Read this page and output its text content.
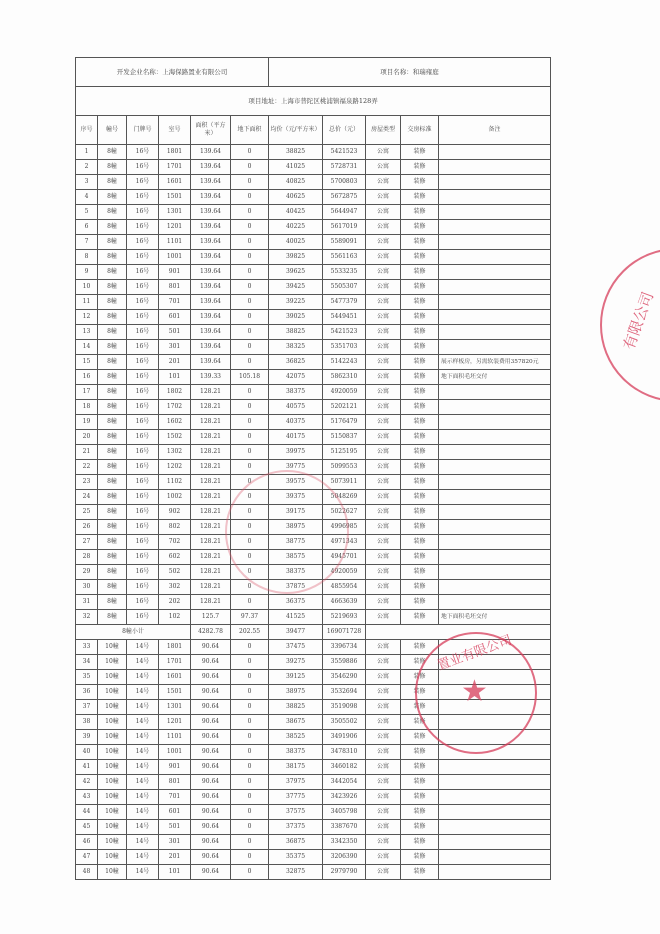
开发企业名称：上海保路置业有限公司						项目名称：和瑞雍庭				
项目地址：上海市普陀区桃浦镇福泉路128弄										
序号	幢号	门牌号	室号	面积（平方米）	地下面积	均价（元/平方米）	总价（元）	房屋类型	交房标准	备注
1	8幢	16号	1801	139.64	0	38825	5421523	公寓	装修	
2	8幢	16号	1701	139.64	0	41025	5728731	公寓	装修	
3	8幢	16号	1601	139.64	0	40825	5700803	公寓	装修	
4	8幢	16号	1501	139.64	0	40625	5672875	公寓	装修	
5	8幢	16号	1301	139.64	0	40425	5644947	公寓	装修	
6	8幢	16号	1201	139.64	0	40225	5617019	公寓	装修	
7	8幢	16号	1101	139.64	0	40025	5589091	公寓	装修	
8	8幢	16号	1001	139.64	0	39825	5561163	公寓	装修	
9	8幢	16号	901	139.64	0	39625	5533235	公寓	装修	
10	8幢	16号	801	139.64	0	39425	5505307	公寓	装修	
11	8幢	16号	701	139.64	0	39225	5477379	公寓	装修	
12	8幢	16号	601	139.64	0	39025	5449451	公寓	装修	
13	8幢	16号	501	139.64	0	38825	5421523	公寓	装修	
14	8幢	16号	301	139.64	0	38325	5351703	公寓	装修	
15	8幢	16号	201	139.64	0	36825	5142243	公寓	装修	展示样板房，另需软装费用357820元
16	8幢	16号	101	139.33	105.18	42075	5862310	公寓	装修	地下面积毛坯交付
17	8幢	16号	1802	128.21	0	38375	4920059	公寓	装修	
18	8幢	16号	1702	128.21	0	40575	5202121	公寓	装修	
19	8幢	16号	1602	128.21	0	40375	5176479	公寓	装修	
20	8幢	16号	1502	128.21	0	40175	5150837	公寓	装修	
21	8幢	16号	1302	128.21	0	39975	5125195	公寓	装修	
22	8幢	16号	1202	128.21	0	39775	5099553	公寓	装修	
23	8幢	16号	1102	128.21	0	39575	5073911	公寓	装修	
24	8幢	16号	1002	128.21	0	39375	5048269	公寓	装修	
25	8幢	16号	902	128.21	0	39175	5022627	公寓	装修	
26	8幢	16号	802	128.21	0	38975	4996985	公寓	装修	
27	8幢	16号	702	128.21	0	38775	4971343	公寓	装修	
28	8幢	16号	602	128.21	0	38575	4945701	公寓	装修	
29	8幢	16号	502	128.21	0	38375	4920059	公寓	装修	
30	8幢	16号	302	128.21	0	37875	4855954	公寓	装修	
31	8幢	16号	202	128.21	0	36375	4663639	公寓	装修	
32	8幢	16号	102	125.7	97.37	41525	5219693	公寓	装修	地下面积毛坯交付
8幢小计				4282.78	202.55	39477	169071728			
33	10幢	14号	1801	90.64	0	37475	3396734	公寓	装修	
34	10幢	14号	1701	90.64	0	39275	3559886	公寓	装修	
35	10幢	14号	1601	90.64	0	39125	3546290	公寓	装修	
36	10幢	14号	1501	90.64	0	38975	3532694	公寓	装修	
37	10幢	14号	1301	90.64	0	38825	3519098	公寓	装修	
38	10幢	14号	1201	90.64	0	38675	3505502	公寓	装修	
39	10幢	14号	1101	90.64	0	38525	3491906	公寓	装修	
40	10幢	14号	1001	90.64	0	38375	3478310	公寓	装修	
41	10幢	14号	901	90.64	0	38175	3460182	公寓	装修	
42	10幢	14号	801	90.64	0	37975	3442054	公寓	装修	
43	10幢	14号	701	90.64	0	37775	3423926	公寓	装修	
44	10幢	14号	601	90.64	0	37575	3405798	公寓	装修	
45	10幢	14号	501	90.64	0	37375	3387670	公寓	装修	
46	10幢	14号	301	90.64	0	36875	3342350	公寓	装修	
47	10幢	14号	201	90.64	0	35375	3206390	公寓	装修	
48	10幢	14号	101	90.64	0	32875	2979790	公寓	装修	
有限公司
置业有限公司
★
